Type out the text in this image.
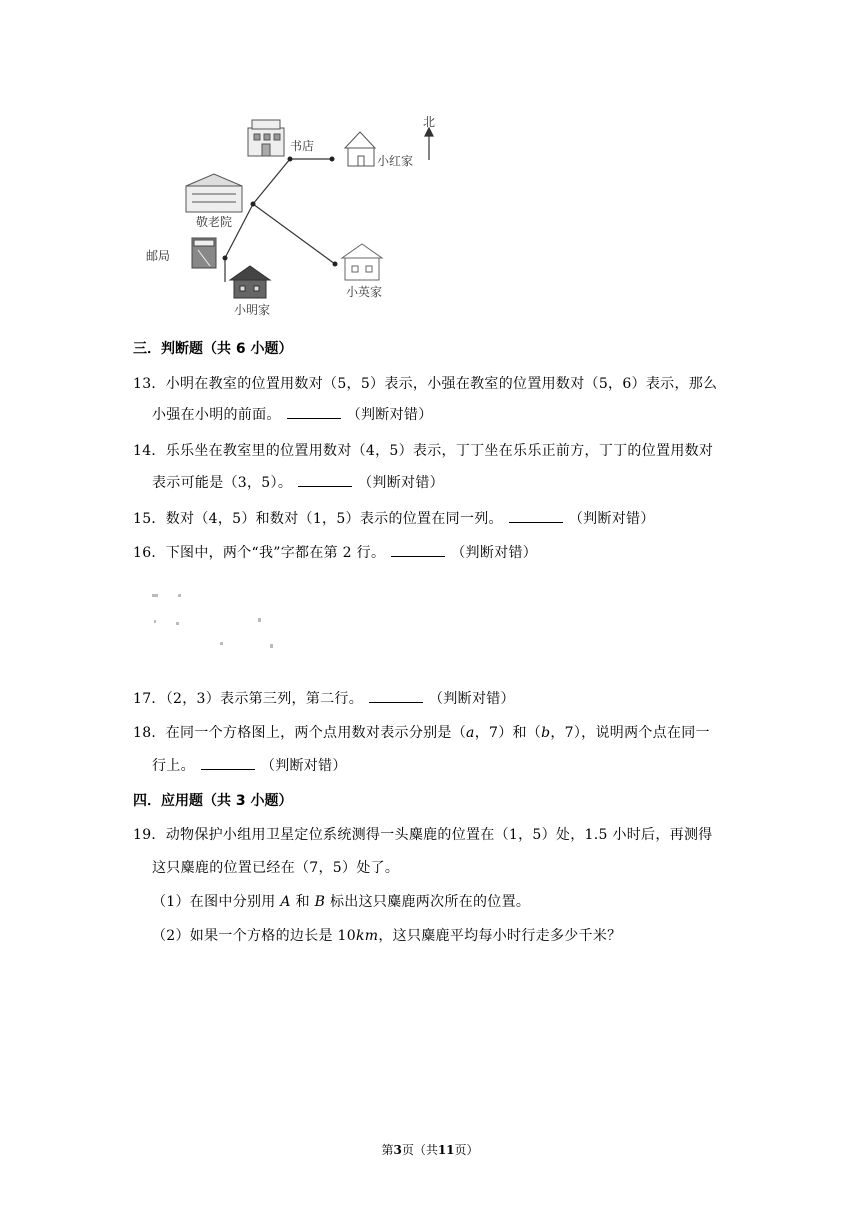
书店
小红家
北
敬老院
邮局
小英家
小明家
三．判断题（共 6 小题）
13．小明在教室的位置用数对（5，5）表示，小强在教室的位置用数对（5，6）表示，那么
小强在小明的前面。	（判断对错）
14．乐乐坐在教室里的位置用数对（4，5）表示，丁丁坐在乐乐正前方，丁丁的位置用数对
表示可能是（3，5）。	（判断对错）
15．数对（4，5）和数对（1，5）表示的位置在同一列。	（判断对错）
16．下图中，两个“我”字都在第 2 行。	（判断对错）
17．（2，3）表示第三列，第二行。	（判断对错）
18．在同一个方格图上，两个点用数对表示分别是（a，7）和（b，7），说明两个点在同一
行上。	（判断对错）
四．应用题（共 3 小题）
19．动物保护小组用卫星定位系统测得一头麋鹿的位置在（1，5）处，1.5 小时后，再测得
这只麋鹿的位置已经在（7，5）处了。
（1）在图中分别用 A 和 B 标出这只麋鹿两次所在的位置。
（2）如果一个方格的边长是 10km，这只麋鹿平均每小时行走多少千米？
第3页（共11页）
